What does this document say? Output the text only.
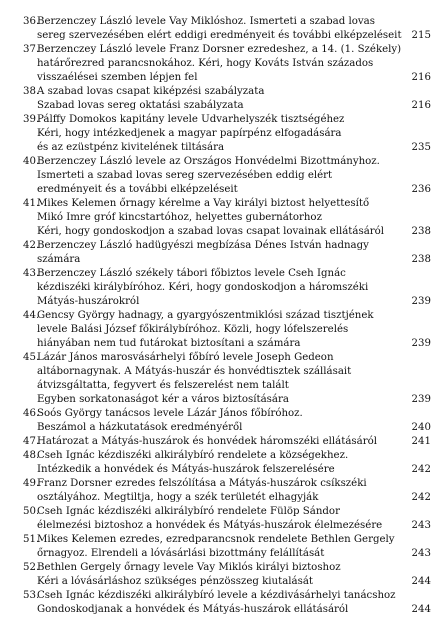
36.
Berzenczey László levele Vay Miklóshoz. Ismerteti a szabad lovas
sereg szervezésében elért eddigi eredményeit és további elképzeléseit 215
37.
Berzenczey László levele Franz Dorsner ezredeshez, a 14. (1. Székely)
határőrezred parancsnokához. Kéri, hogy Kováts István százados
visszaélései szemben lépjen fel	216
38.
A szabad lovas csapat kiképzési szabályzata
Szabad lovas sereg oktatási szabályzata	216
39.
Pálffy Domokos kapitány levele Udvarhelyszék tisztségéhez
Kéri, hogy intézkedjenek a magyar papírpénz elfogadására
és az ezüstpénz kivitelének tiltására	235
40.
Berzenczey László levele az Országos Honvédelmi Bizottmányhoz.
Ismerteti a szabad lovas sereg szervezésében eddig elért
eredményeit és a további elképzeléseit	236
41.
Mikes Kelemen őrnagy kérelme a Vay királyi biztost helyettesítő
Mikó Imre gróf kincstartóhoz, helyettes gubernátorhoz
Kéri, hogy gondoskodjon a szabad lovas csapat lovainak ellátásáról	238
42.
Berzenczey László hadügyészi megbízása Dénes István hadnagy
számára	238
43.
Berzenczey László székely tábori főbiztos levele Cseh Ignác
kézdiszéki királybíróhoz. Kéri, hogy gondoskodjon a háromszéki
Mátyás-huszárokról	239
44.
Gencsy György hadnagy, a gyargyószentmiklósi század tisztjének
levele Balási József főkirálybíróhoz. Közli, hogy lófelszerelés
hiányában nem tud futárokat biztosítani a számára	239
45.
Lázár János marosvásárhelyi főbíró levele Joseph Gedeon
altábornagynak. A Mátyás-huszár és honvédtisztek szállásait
átvizsgáltatta, fegyvert és felszerelést nem talált
Egyben sorkatonaságot kér a város biztosítására	239
46.
Soós György tanácsos levele Lázár János főbíróhoz.
Beszámol a házkutatások eredményéről	240
47.
Határozat a Mátyás-huszárok és honvédek háromszéki ellátásáról	241
48.
Cseh Ignác kézdiszéki alkirálybíró rendelete a községekhez.
Intézkedik a honvédek és Mátyás-huszárok felszerelésére	242
49.
Franz Dorsner ezredes felszólítása a Mátyás-huszárok csíkszéki
osztályához. Megtiltja, hogy a szék területét elhagyják	242
50.
Cseh Ignác kézdiszéki alkirálybíró rendelete Fülöp Sándor
élelmezési biztoshoz a honvédek és Mátyás-huszárok élelmezésére	243
51.
Mikes Kelemen ezredes, ezredparancsnok rendelete Bethlen Gergely
őrnagyoz. Elrendeli a lóvásárlási bizottmány felállítását	243
52.
Bethlen Gergely őrnagy levele Vay Miklós királyi biztoshoz
Kéri a lóvásárláshoz szükséges pénzösszeg kiutalását	244
53.
Cseh Ignác kézdiszéki alkirálybíró levele a kézdivásárhelyi tanácshoz
Gondoskodjanak a honvédek és Mátyás-huszárok ellátásáról	244
